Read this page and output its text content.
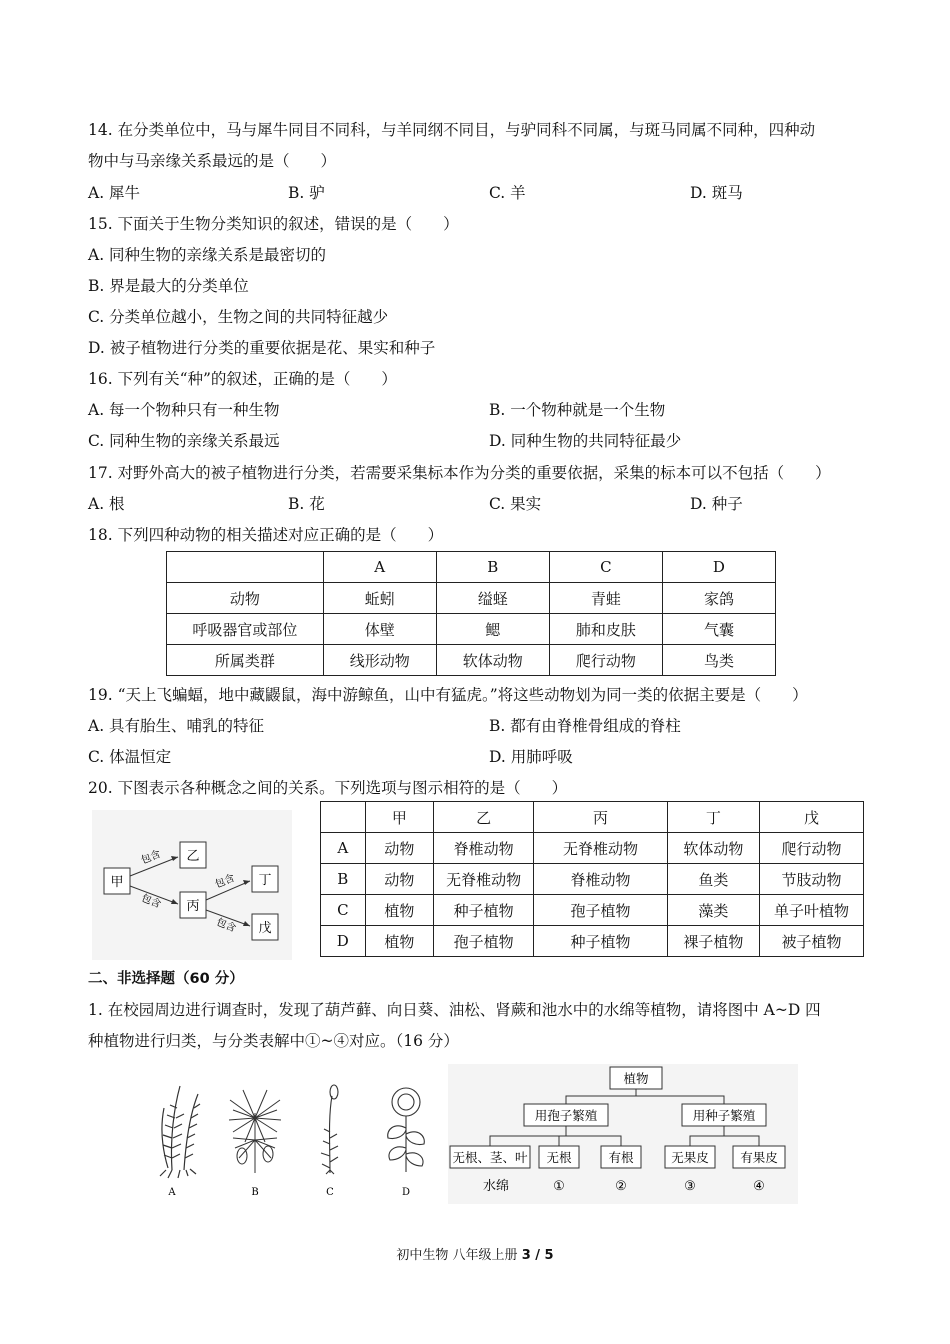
14. 在分类单位中，马与犀牛同目不同科，与羊同纲不同目，与驴同科不同属，与斑马同属不同种，四种动
物中与马亲缘关系最远的是（　　）
A. 犀牛	B. 驴	C. 羊	D. 斑马
15. 下面关于生物分类知识的叙述，错误的是（　　）
A. 同种生物的亲缘关系是最密切的
B. 界是最大的分类单位
C. 分类单位越小，生物之间的共同特征越少
D. 被子植物进行分类的重要依据是花、果实和种子
16. 下列有关“种”的叙述，正确的是（　　）
A. 每一个物种只有一种生物	B. 一个物种就是一个生物
C. 同种生物的亲缘关系最远	D. 同种生物的共同特征最少
17. 对野外高大的被子植物进行分类，若需要采集标本作为分类的重要依据，采集的标本可以不包括（　　）
A. 根	B. 花	C. 果实	D. 种子
18. 下列四种动物的相关描述对应正确的是（　　）
	A	B	C	D
动物	蚯蚓	缢蛏	青蛙	家鸽
呼吸器官或部位	体壁	鳃	肺和皮肤	气囊
所属类群	线形动物	软体动物	爬行动物	鸟类
19. “天上飞蝙蝠，地中藏鼹鼠，海中游鲸鱼，山中有猛虎。”将这些动物划为同一类的依据主要是（　　）
A. 具有胎生、哺乳的特征	B. 都有由脊椎骨组成的脊柱
C. 体温恒定	D. 用肺呼吸
20. 下图表示各种概念之间的关系。下列选项与图示相符的是（　　）
甲
乙
丙
丁
戊
包含
包含
包含
包含
	甲	乙	丙	丁	戊
A	动物	脊椎动物	无脊椎动物	软体动物	爬行动物
B	动物	无脊椎动物	脊椎动物	鱼类	节肢动物
C	植物	种子植物	孢子植物	藻类	单子叶植物
D	植物	孢子植物	种子植物	裸子植物	被子植物
二、非选择题（60 分）
1. 在校园周边进行调查时，发现了葫芦藓、向日葵、油松、肾蕨和池水中的水绵等植物，请将图中 A~D 四
种植物进行归类，与分类表解中①~④对应。（16 分）
A	B	C	D
植物
用孢子繁殖	用种子繁殖
无根、茎、叶 无根	有根	无果皮	有果皮
水绵	①	②	③	④
初中生物 八年级上册 3 / 5
